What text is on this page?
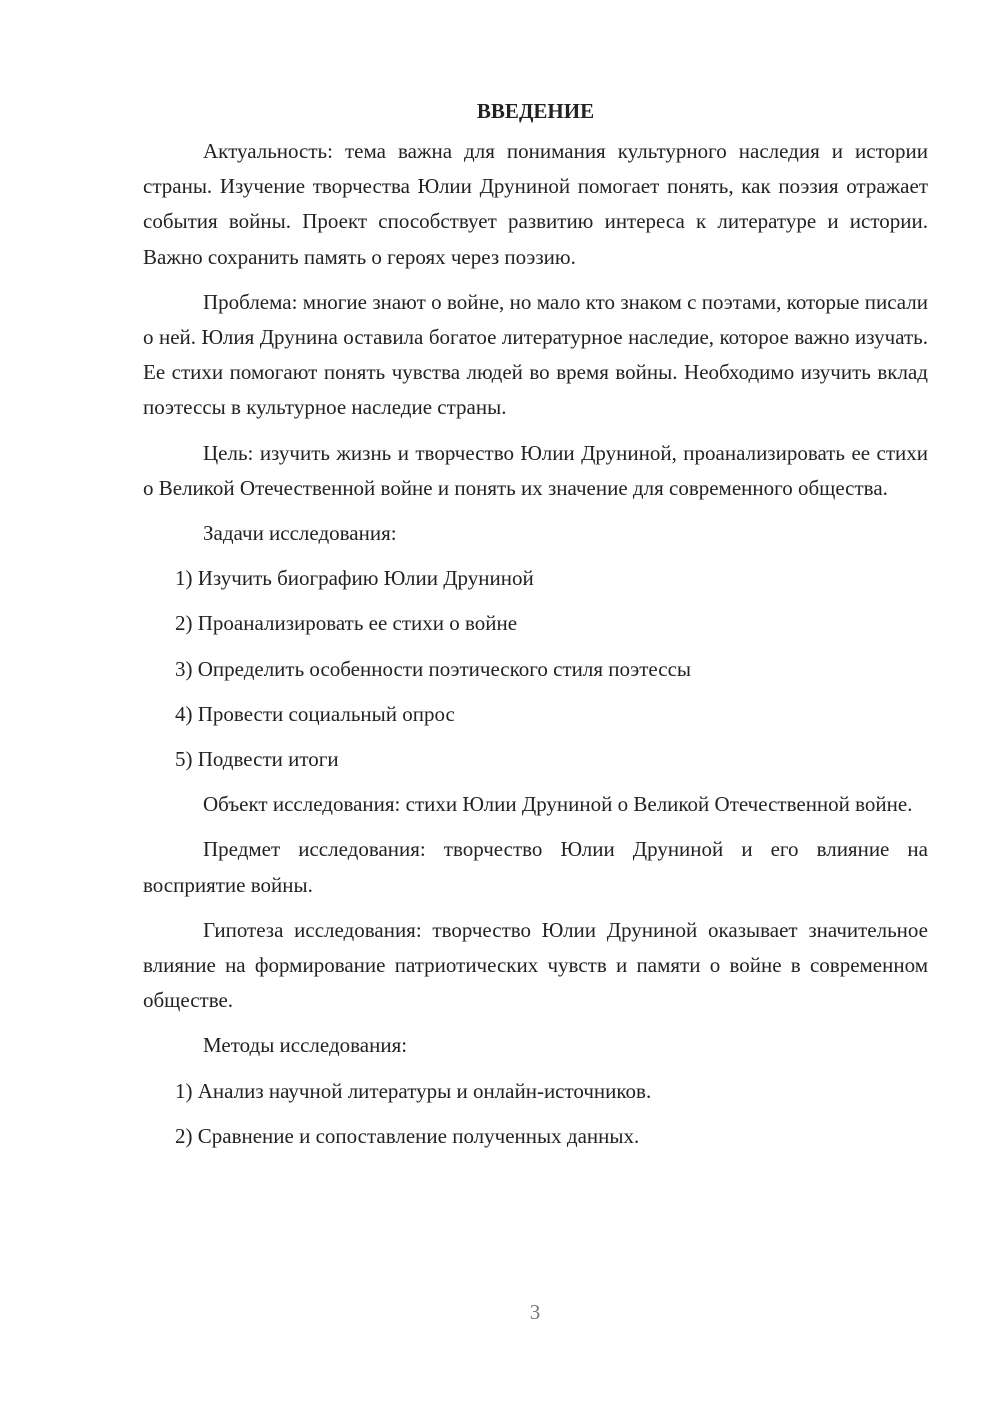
ВВЕДЕНИЕ

Актуальность: тема важна для понимания культурного наследия и истории страны. Изучение творчества Юлии Друниной помогает понять, как поэзия отражает события войны. Проект способствует развитию интереса к литературе и истории. Важно сохранить память о героях через поэзию.

Проблема: многие знают о войне, но мало кто знаком с поэтами, которые писали о ней. Юлия Друнина оставила богатое литературное наследие, которое важно изучать. Ее стихи помогают понять чувства людей во время войны. Необходимо изучить вклад поэтессы в культурное наследие страны.

Цель: изучить жизнь и творчество Юлии Друниной, проанализировать ее стихи о Великой Отечественной войне и понять их значение для современного общества.

Задачи исследования:

1) Изучить биографию Юлии Друниной

2) Проанализировать ее стихи о войне

3) Определить особенности поэтического стиля поэтессы

4) Провести социальный опрос

5) Подвести итоги

Объект исследования: стихи Юлии Друниной о Великой Отечественной войне.

Предмет исследования: творчество Юлии Друниной и его влияние на восприятие войны.

Гипотеза исследования: творчество Юлии Друниной оказывает значительное влияние на формирование патриотических чувств и памяти о войне в современном обществе.

Методы исследования:

1) Анализ научной литературы и онлайн-источников.

2) Сравнение и сопоставление полученных данных.

3
